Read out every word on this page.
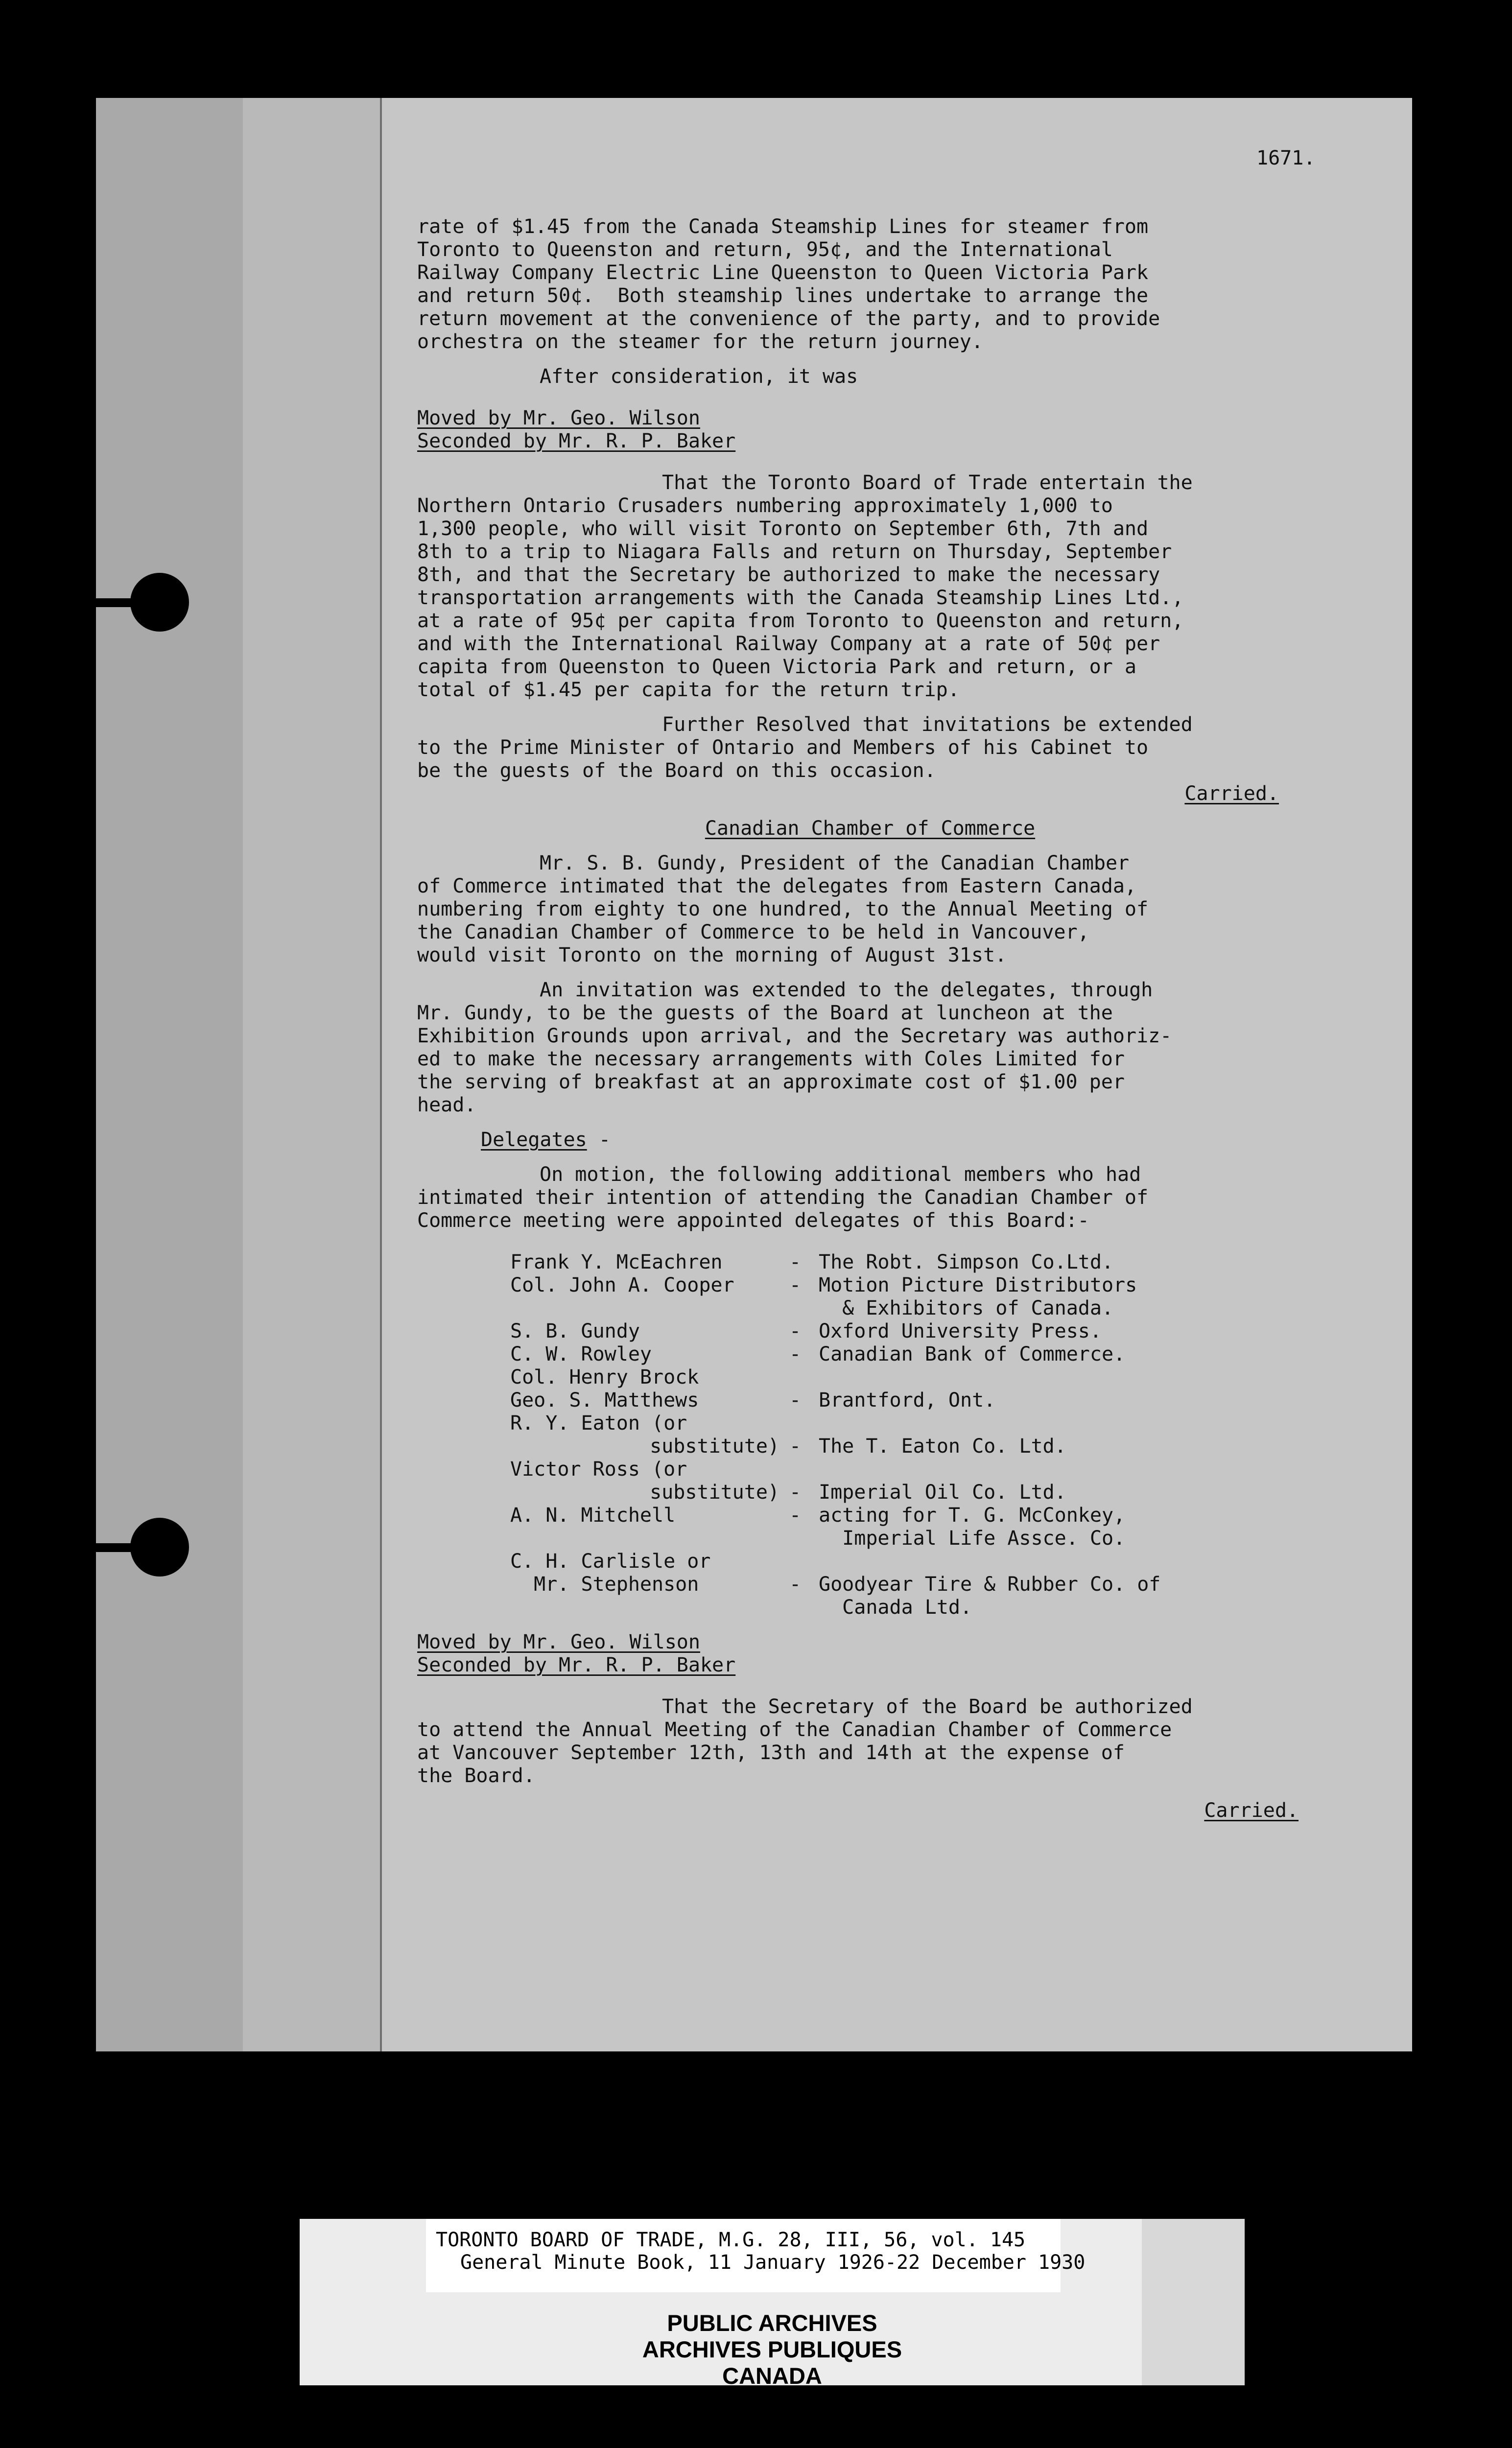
1671.
rate of $1.45 from the Canada Steamship Lines for steamer from
Toronto to Queenston and return, 95¢, and the International
Railway Company Electric Line Queenston to Queen Victoria Park
and return 50¢.  Both steamship lines undertake to arrange the
return movement at the convenience of the party, and to provide
orchestra on the steamer for the return journey.
After consideration, it was
Moved by Mr. Geo. Wilson
Seconded by Mr. R. P. Baker
That the Toronto Board of Trade entertain the
Northern Ontario Crusaders numbering approximately 1,000 to
1,300 people, who will visit Toronto on September 6th, 7th and
8th to a trip to Niagara Falls and return on Thursday, September
8th, and that the Secretary be authorized to make the necessary
transportation arrangements with the Canada Steamship Lines Ltd.,
at a rate of 95¢ per capita from Toronto to Queenston and return,
and with the International Railway Company at a rate of 50¢ per
capita from Queenston to Queen Victoria Park and return, or a
total of $1.45 per capita for the return trip.
Further Resolved that invitations be extended
to the Prime Minister of Ontario and Members of his Cabinet to
be the guests of the Board on this occasion.
Carried.
Canadian Chamber of Commerce
Mr. S. B. Gundy, President of the Canadian Chamber
of Commerce intimated that the delegates from Eastern Canada,
numbering from eighty to one hundred, to the Annual Meeting of
the Canadian Chamber of Commerce to be held in Vancouver,
would visit Toronto on the morning of August 31st.
An invitation was extended to the delegates, through
Mr. Gundy, to be the guests of the Board at luncheon at the
Exhibition Grounds upon arrival, and the Secretary was authoriz-
ed to make the necessary arrangements with Coles Limited for
the serving of breakfast at an approximate cost of $1.00 per
head.
Delegates -
On motion, the following additional members who had
intimated their intention of attending the Canadian Chamber of
Commerce meeting were appointed delegates of this Board:-
Frank Y. McEachren	- The Robt. Simpson Co.Ltd.
Col. John A. Cooper	- Motion Picture Distributors
& Exhibitors of Canada.
S. B. Gundy	- Oxford University Press.
C. W. Rowley	- Canadian Bank of Commerce.
Col. Henry Brock
Geo. S. Matthews	- Brantford, Ont.
R. Y. Eaton (or
substitute) - The T. Eaton Co. Ltd.
Victor Ross (or
substitute) - Imperial Oil Co. Ltd.
A. N. Mitchell	- acting for T. G. McConkey,
Imperial Life Assce. Co.
C. H. Carlisle or
Mr. Stephenson	- Goodyear Tire & Rubber Co. of
Canada Ltd.
Moved by Mr. Geo. Wilson
Seconded by Mr. R. P. Baker
That the Secretary of the Board be authorized
to attend the Annual Meeting of the Canadian Chamber of Commerce
at Vancouver September 12th, 13th and 14th at the expense of
the Board.
Carried.
TORONTO BOARD OF TRADE, M.G. 28, III, 56, vol. 145
General Minute Book, 11 January 1926-22 December 1930
PUBLIC ARCHIVES
ARCHIVES PUBLIQUES
CANADA
